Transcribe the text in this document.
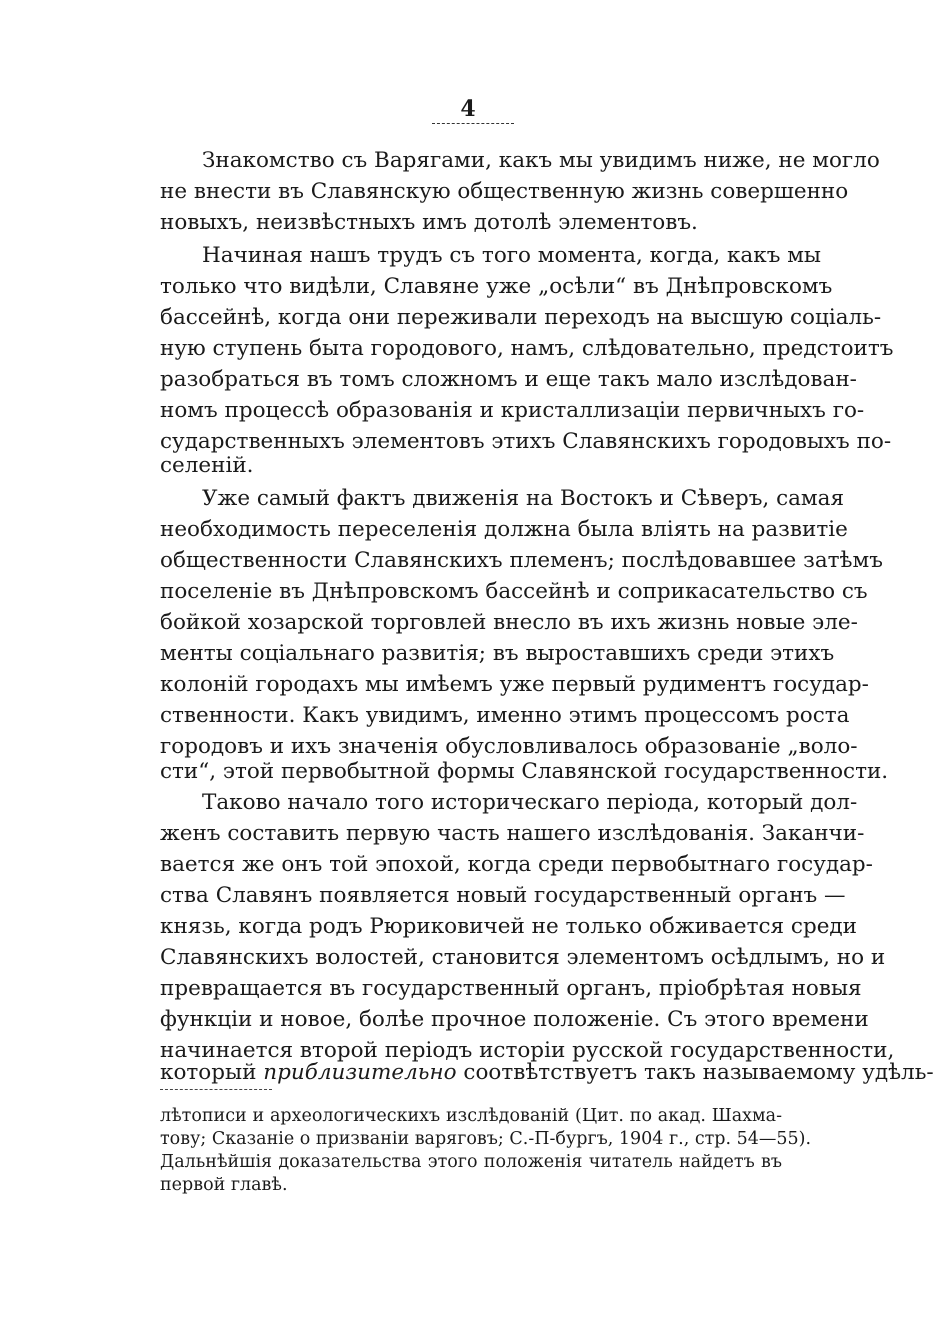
4
Знакомство съ Варягами, какъ мы увидимъ ниже, не могло
не внести въ Славянскую общественную жизнь совершенно
новыхъ, неизвѣстныхъ имъ дотолѣ элементовъ.
Начиная нашъ трудъ съ того момента, когда, какъ мы
только что видѣли, Славяне уже „осѣли“ въ Днѣпровскомъ
бассейнѣ, когда они переживали переходъ на высшую соціаль-
ную ступень быта городового, намъ, слѣдовательно, предстоитъ
разобраться въ томъ сложномъ и еще такъ мало изслѣдован-
номъ процессѣ образованія и кристаллизаціи первичныхъ го-
сударственныхъ элементовъ этихъ Славянскихъ городовыхъ по-
селеній.
Уже самый фактъ движенія на Востокъ и Сѣверъ, самая
необходимость переселенія должна была вліять на развитіе
общественности Славянскихъ племенъ; послѣдовавшее затѣмъ
поселеніе въ Днѣпровскомъ бассейнѣ и соприкасательство съ
бойкой хозарской торговлей внесло въ ихъ жизнь новые эле-
менты соціальнаго развитія; въ выроставшихъ среди этихъ
колоній городахъ мы имѣемъ уже первый рудиментъ государ-
ственности. Какъ увидимъ, именно этимъ процессомъ роста
городовъ и ихъ значенія обусловливалось образованіе „воло-
сти“, этой первобытной формы Славянской государственности.
Таково начало того историческаго періода, который дол-
женъ составить первую часть нашего изслѣдованія. Заканчи-
вается же онъ той эпохой, когда среди первобытнаго государ-
ства Славянъ появляется новый государственный органъ —
князь, когда родъ Рюриковичей не только обживается среди
Славянскихъ волостей, становится элементомъ осѣдлымъ, но и
превращается въ государственный органъ, пріобрѣтая новыя
функціи и новое, болѣе прочное положеніе. Съ этого времени
начинается второй періодъ исторіи русской государственности,
который приблизительно соотвѣтствуетъ такъ называемому удѣль-
лѣтописи и археологическихъ изслѣдованій (Цит. по акад. Шахма-
тову; Сказаніе о призваніи варяговъ; С.-П-бургъ, 1904 г., стр. 54—55).
Дальнѣйшія доказательства этого положенія читатель найдетъ въ
первой главѣ.
